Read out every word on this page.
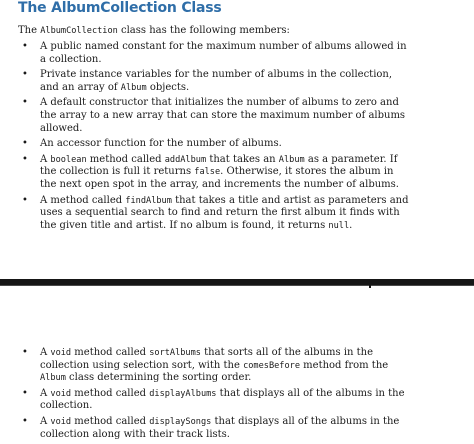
The AlbumCollection Class
The AlbumCollection class has the following members:
• A public named constant for the maximum number of albums allowed in a collection.
• Private instance variables for the number of albums in the collection, and an array of Album objects.
• A default constructor that initializes the number of albums to zero and the array to a new array that can store the maximum number of albums allowed.
• An accessor function for the number of albums.
• A boolean method called addAlbum that takes an Album as a parameter. If the collection is full it returns false. Otherwise, it stores the album in the next open spot in the array, and increments the number of albums.
• A method called findAlbum that takes a title and artist as parameters and uses a sequential search to find and return the first album it finds with the given title and artist. If no album is found, it returns null.
• A void method called sortAlbums that sorts all of the albums in the collection using selection sort, with the comesBefore method from the Album class determining the sorting order.
• A void method called displayAlbums that displays all of the albums in the collection.
• A void method called displaySongs that displays all of the albums in the collection along with their track lists.
